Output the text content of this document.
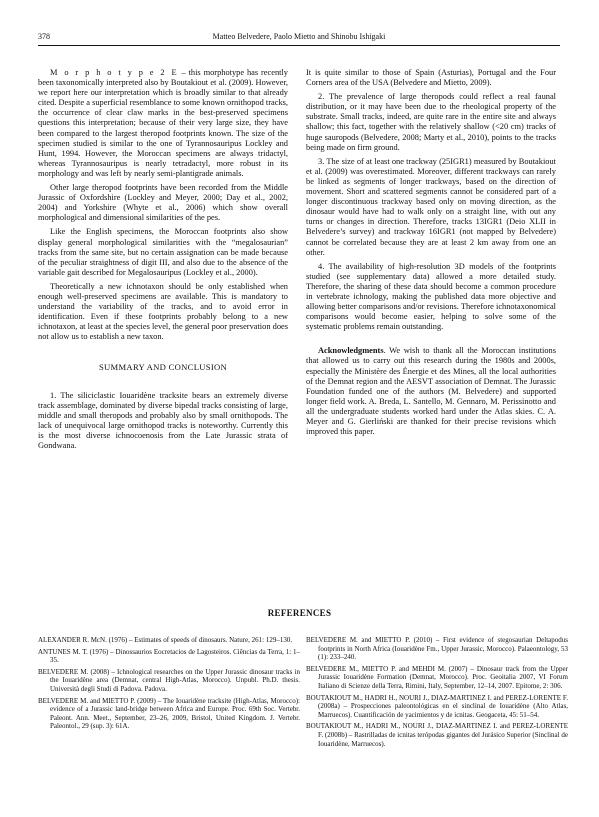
378	Matteo Belvedere, Paolo Mietto and Shinobu Ishigaki

M o r p h o t y p e 2 E – this morphotype has recently been taxonomically interpreted also by Boutakiout et al. (2009). However, we report here our interpretation which is broadly similar to that already cited. Despite a superficial resemblance to some known ornithopod tracks, the occurrence of clear claw marks in the best-preserved specimens questions this interpretation; because of their very large size, they have been compared to the largest theropod footprints known. The size of the specimen studied is similar to the one of Tyrannosauripus Lockley and Hunt, 1994. However, the Moroccan specimens are always tridactyl, whereas Tyrannosauripus is nearly tetradactyl, more robust in its morphology and was left by nearly semi-plantigrade animals.

Other large theropod footprints have been recorded from the Middle Jurassic of Oxfordshire (Lockley and Meyer, 2000; Day et al., 2002, 2004) and Yorkshire (Whyte et al., 2006) which show overall morphological and dimensional similarities of the pes.

Like the English specimens, the Moroccan footprints also show display general morphological similarities with the “megalosaurian” tracks from the same site, but no certain assignation can be made because of the peculiar straightness of digit III, and also due to the absence of the variable gait described for Megalosauripus (Lockley et al., 2000).

Theoretically a new ichnotaxon should be only established when enough well-preserved specimens are available. This is mandatory to understand the variability of the tracks, and to avoid error in identification. Even if these footprints probably belong to a new ichnotaxon, at least at the species level, the general poor preservation does not allow us to establish a new taxon.

SUMMARY AND CONCLUSION

1. The siliciclastic Iouaridène tracksite bears an extremely diverse track assemblage, dominated by diverse bipedal tracks consisting of large, middle and small theropods and probably also by small ornithopods. The lack of unequivocal large ornithopod tracks is noteworthy. Currently this is the most diverse ichnocoenosis from the Late Jurassic strata of Gondwana.

It is quite similar to those of Spain (Asturias), Portugal and the Four Corners area of the USA (Belvedere and Mietto, 2009).

2. The prevalence of large theropods could reflect a real faunal distribution, or it may have been due to the rheological property of the substrate. Small tracks, indeed, are quite rare in the entire site and always shallow; this fact, together with the relatively shallow (<20 cm) tracks of huge sauropods (Belvedere, 2008; Marty et al., 2010), points to the tracks being made on firm ground.

3. The size of at least one trackway (25IGR1) measured by Boutakiout et al. (2009) was overestimated. Moreover, different trackways can rarely be linked as segments of longer trackways, based on the direction of movement. Short and scattered segments cannot be considered part of a longer discontinuous trackway based only on moving direction, as the dinosaur would have had to walk only on a straight line, with out any turns or changes in direction. Therefore, tracks 13IGR1 (Deio XLII in Belvedere’s survey) and trackway 16IGR1 (not mapped by Belvedere) cannot be correlated because they are at least 2 km away from one an other.

4. The availability of high-resolution 3D models of the footprints studied (see supplementary data) allowed a more detailed study. Therefore, the sharing of these data should become a common procedure in vertebrate ichnology, making the published data more objective and allowing better comparisons and/or revisions. Therefore ichnotaxonomical comparisons would become easier, helping to solve some of the systematic problems remain outstanding.

Acknowledgments. We wish to thank all the Moroccan institutions that allowed us to carry out this research during the 1980s and 2000s, especially the Ministère des Énergie et des Mines, all the local authorities of the Demnat region and the AESVT association of Demnat. The Jurassic Foundation funded one of the authors (M. Belvedere) and supported longer field work. A. Breda, L. Santello, M. Gennaro, M. Perissinotto and all the undergraduate students worked hard under the Atlas skies. C. A. Meyer and G. Gierliński are thanked for their precise revisions which improved this paper.

REFERENCES
ALEXANDER R. McN. (1976) – Estimates of speeds of dinosaurs. Nature, 261: 129–130.
ANTUNES M. T. (1976) – Dinossaurios Eocretacios de Lagosteiros. Ciências da Terra, 1: 1–35.
BELVEDERE M. (2008) – Ichnological researches on the Upper Jurassic dinosaur tracks in the Iouaridène area (Demnat, central High-Atlas, Morocco). Unpubl. Ph.D. thesis. Università degli Studi di Padova. Padova.
BELVEDERE M. and MIETTO P. (2009) – The Iouaridène tracksite (High-Atlas, Morocco): evidence of a Jurassic land-bridge between Africa and Europe. Proc. 69th Soc. Vertebr. Paleont. Ann. Meet., September, 23–26, 2009, Bristol, United Kingdom. J. Vertebr. Paleontol., 29 (sup. 3): 61A.
BELVEDERE M. and MIETTO P. (2010) – First evidence of stegosaurian Deltapodus footprints in North Africa (Iouaridène Fm., Upper Jurassic, Morocco). Palaeontology, 53 (1): 233–240.
BELVEDERE M., MIETTO P. and MEHDI M. (2007) – Dinosaur track from the Upper Jurassic Iouaridène Formation (Demnat, Morocco). Proc. Geoitalia 2007, VI Forum Italiano di Scienze della Terra, Rimini, Italy, September, 12–14, 2007. Epitome, 2: 306.
BOUTAKIOUT M., HADRI H., NOURI J., DIAZ-MARTINEZ I. and PEREZ-LORENTE F. (2008a) – Prospecciones paleontológicas en el sinclinal de Iouaridène (Alto Atlas, Marruecos). Cuantificación de yacimientos y de icnitas. Geogaceta, 45: 51–54.
BOUTAKIOUT M., HADRI M., NOURI J., DIAZ-MARTINEZ I. and PEREZ-LORENTE F. (2008b) – Rastrilladas de icnitas terópodas gigantes del Jurásico Superior (Sinclinal de Iouaridène, Marruecos).
